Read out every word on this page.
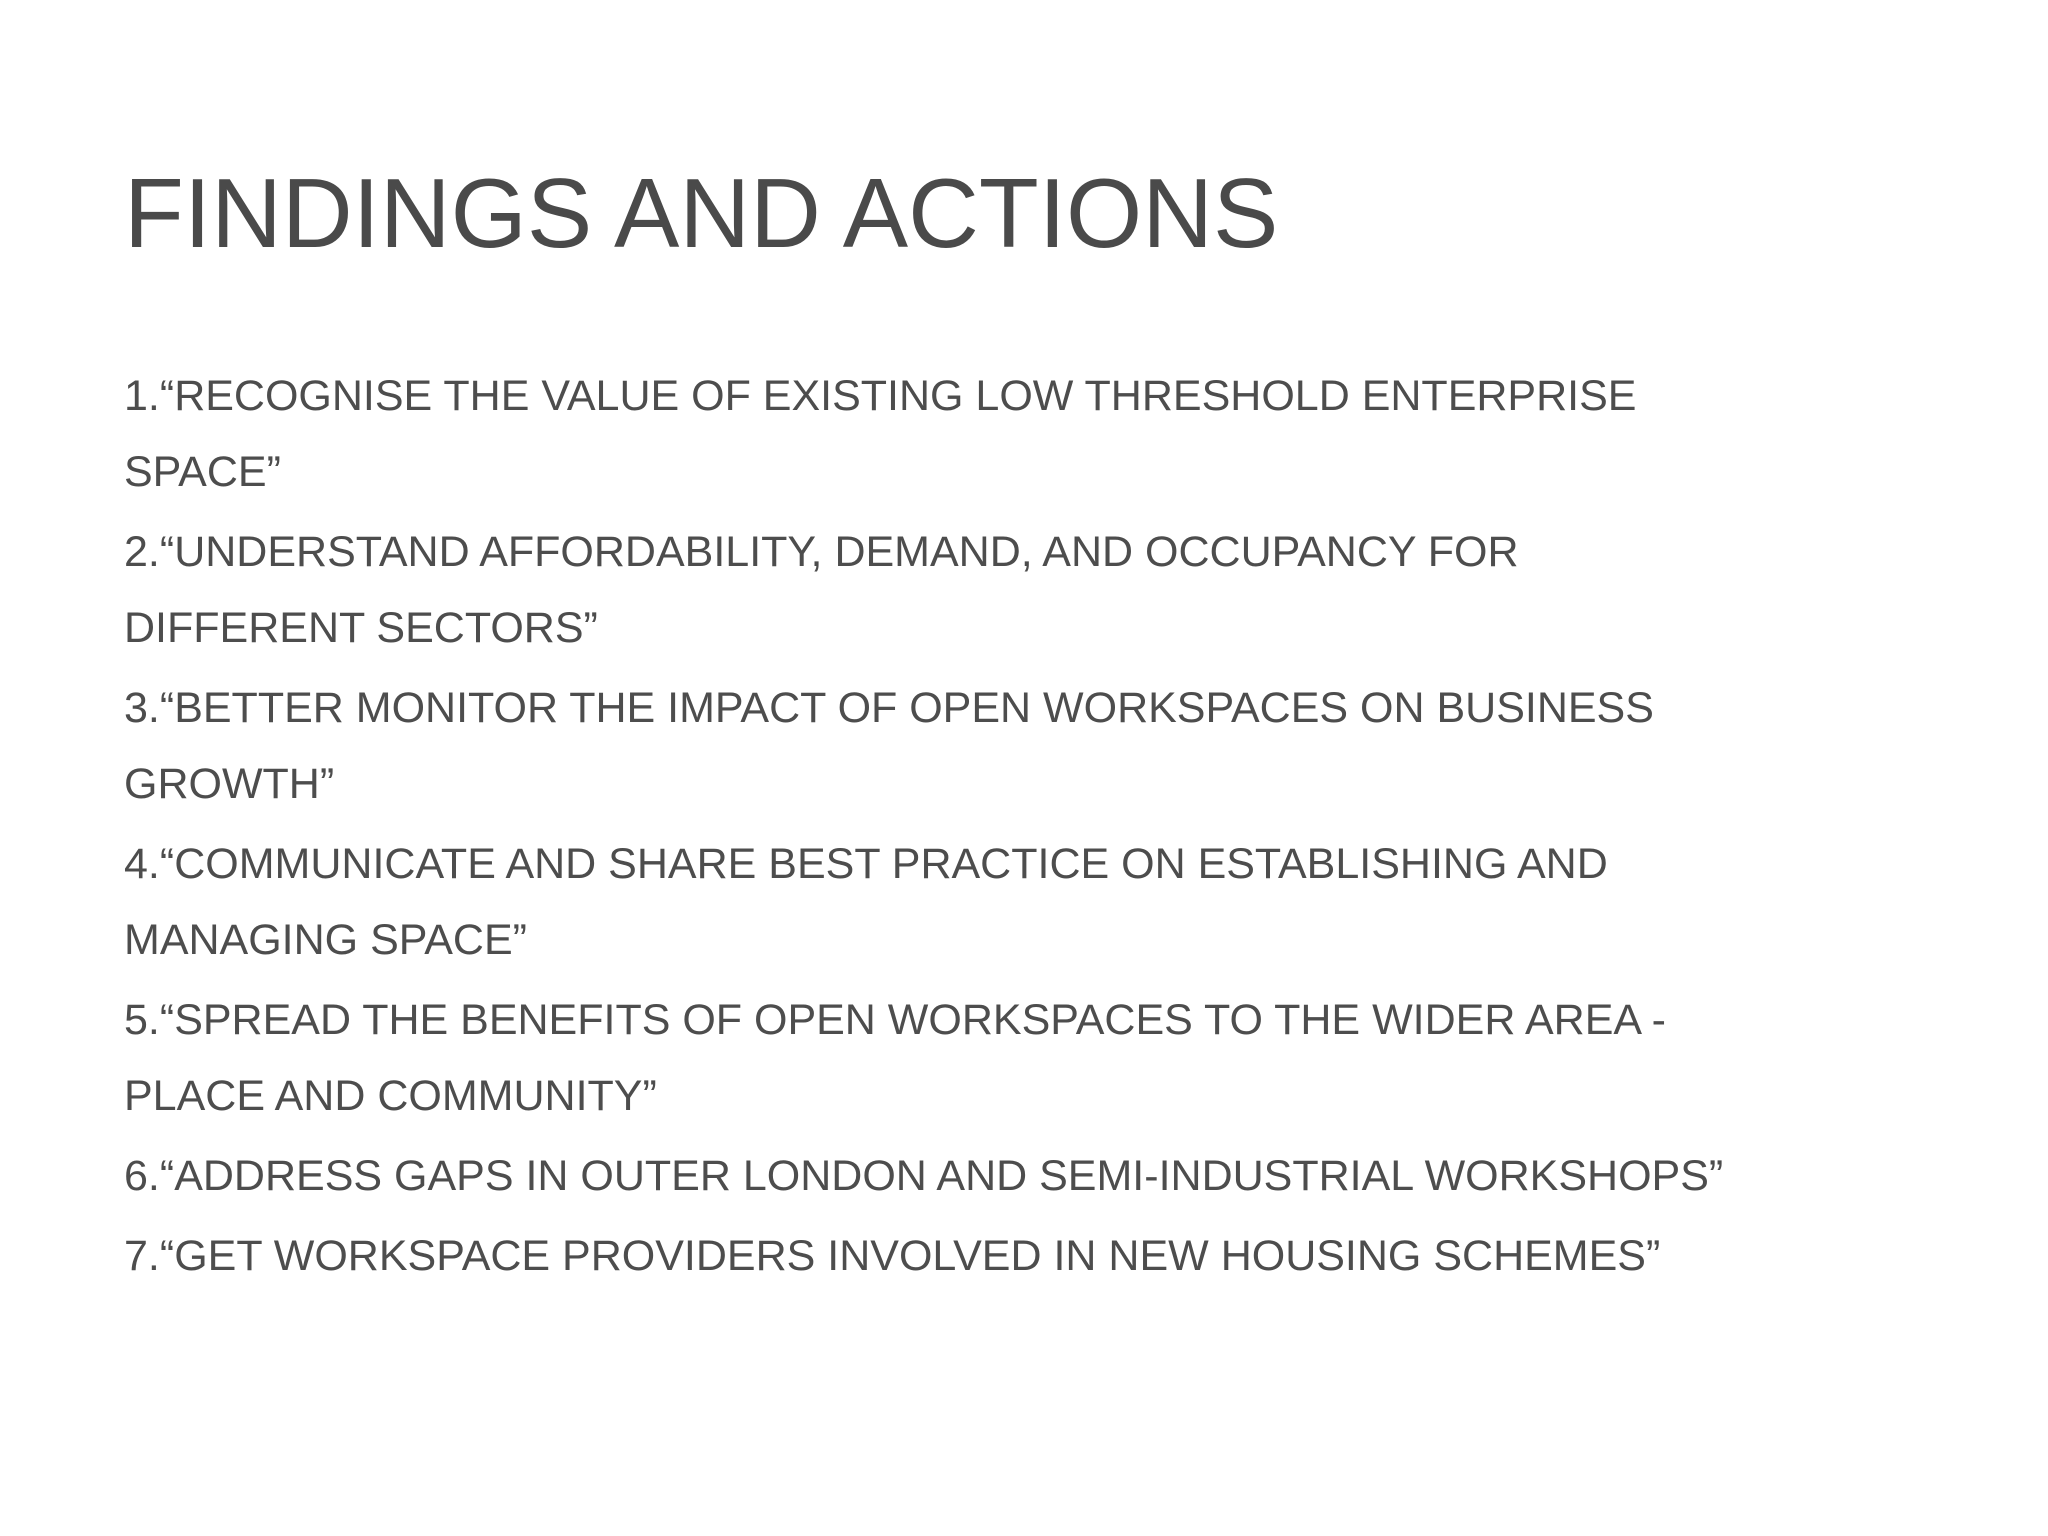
FINDINGS AND ACTIONS
1.“RECOGNISE THE VALUE OF EXISTING LOW THRESHOLD ENTERPRISE SPACE”
2.“UNDERSTAND AFFORDABILITY, DEMAND, AND OCCUPANCY FOR DIFFERENT SECTORS”
3.“BETTER MONITOR THE IMPACT OF OPEN WORKSPACES ON BUSINESS GROWTH”
4.“COMMUNICATE AND SHARE BEST PRACTICE ON ESTABLISHING AND MANAGING SPACE”
5.“SPREAD THE BENEFITS OF OPEN WORKSPACES TO THE WIDER AREA - PLACE AND COMMUNITY”
6.“ADDRESS GAPS IN OUTER LONDON AND SEMI-INDUSTRIAL WORKSHOPS”
7.“GET WORKSPACE PROVIDERS INVOLVED IN NEW HOUSING SCHEMES”
